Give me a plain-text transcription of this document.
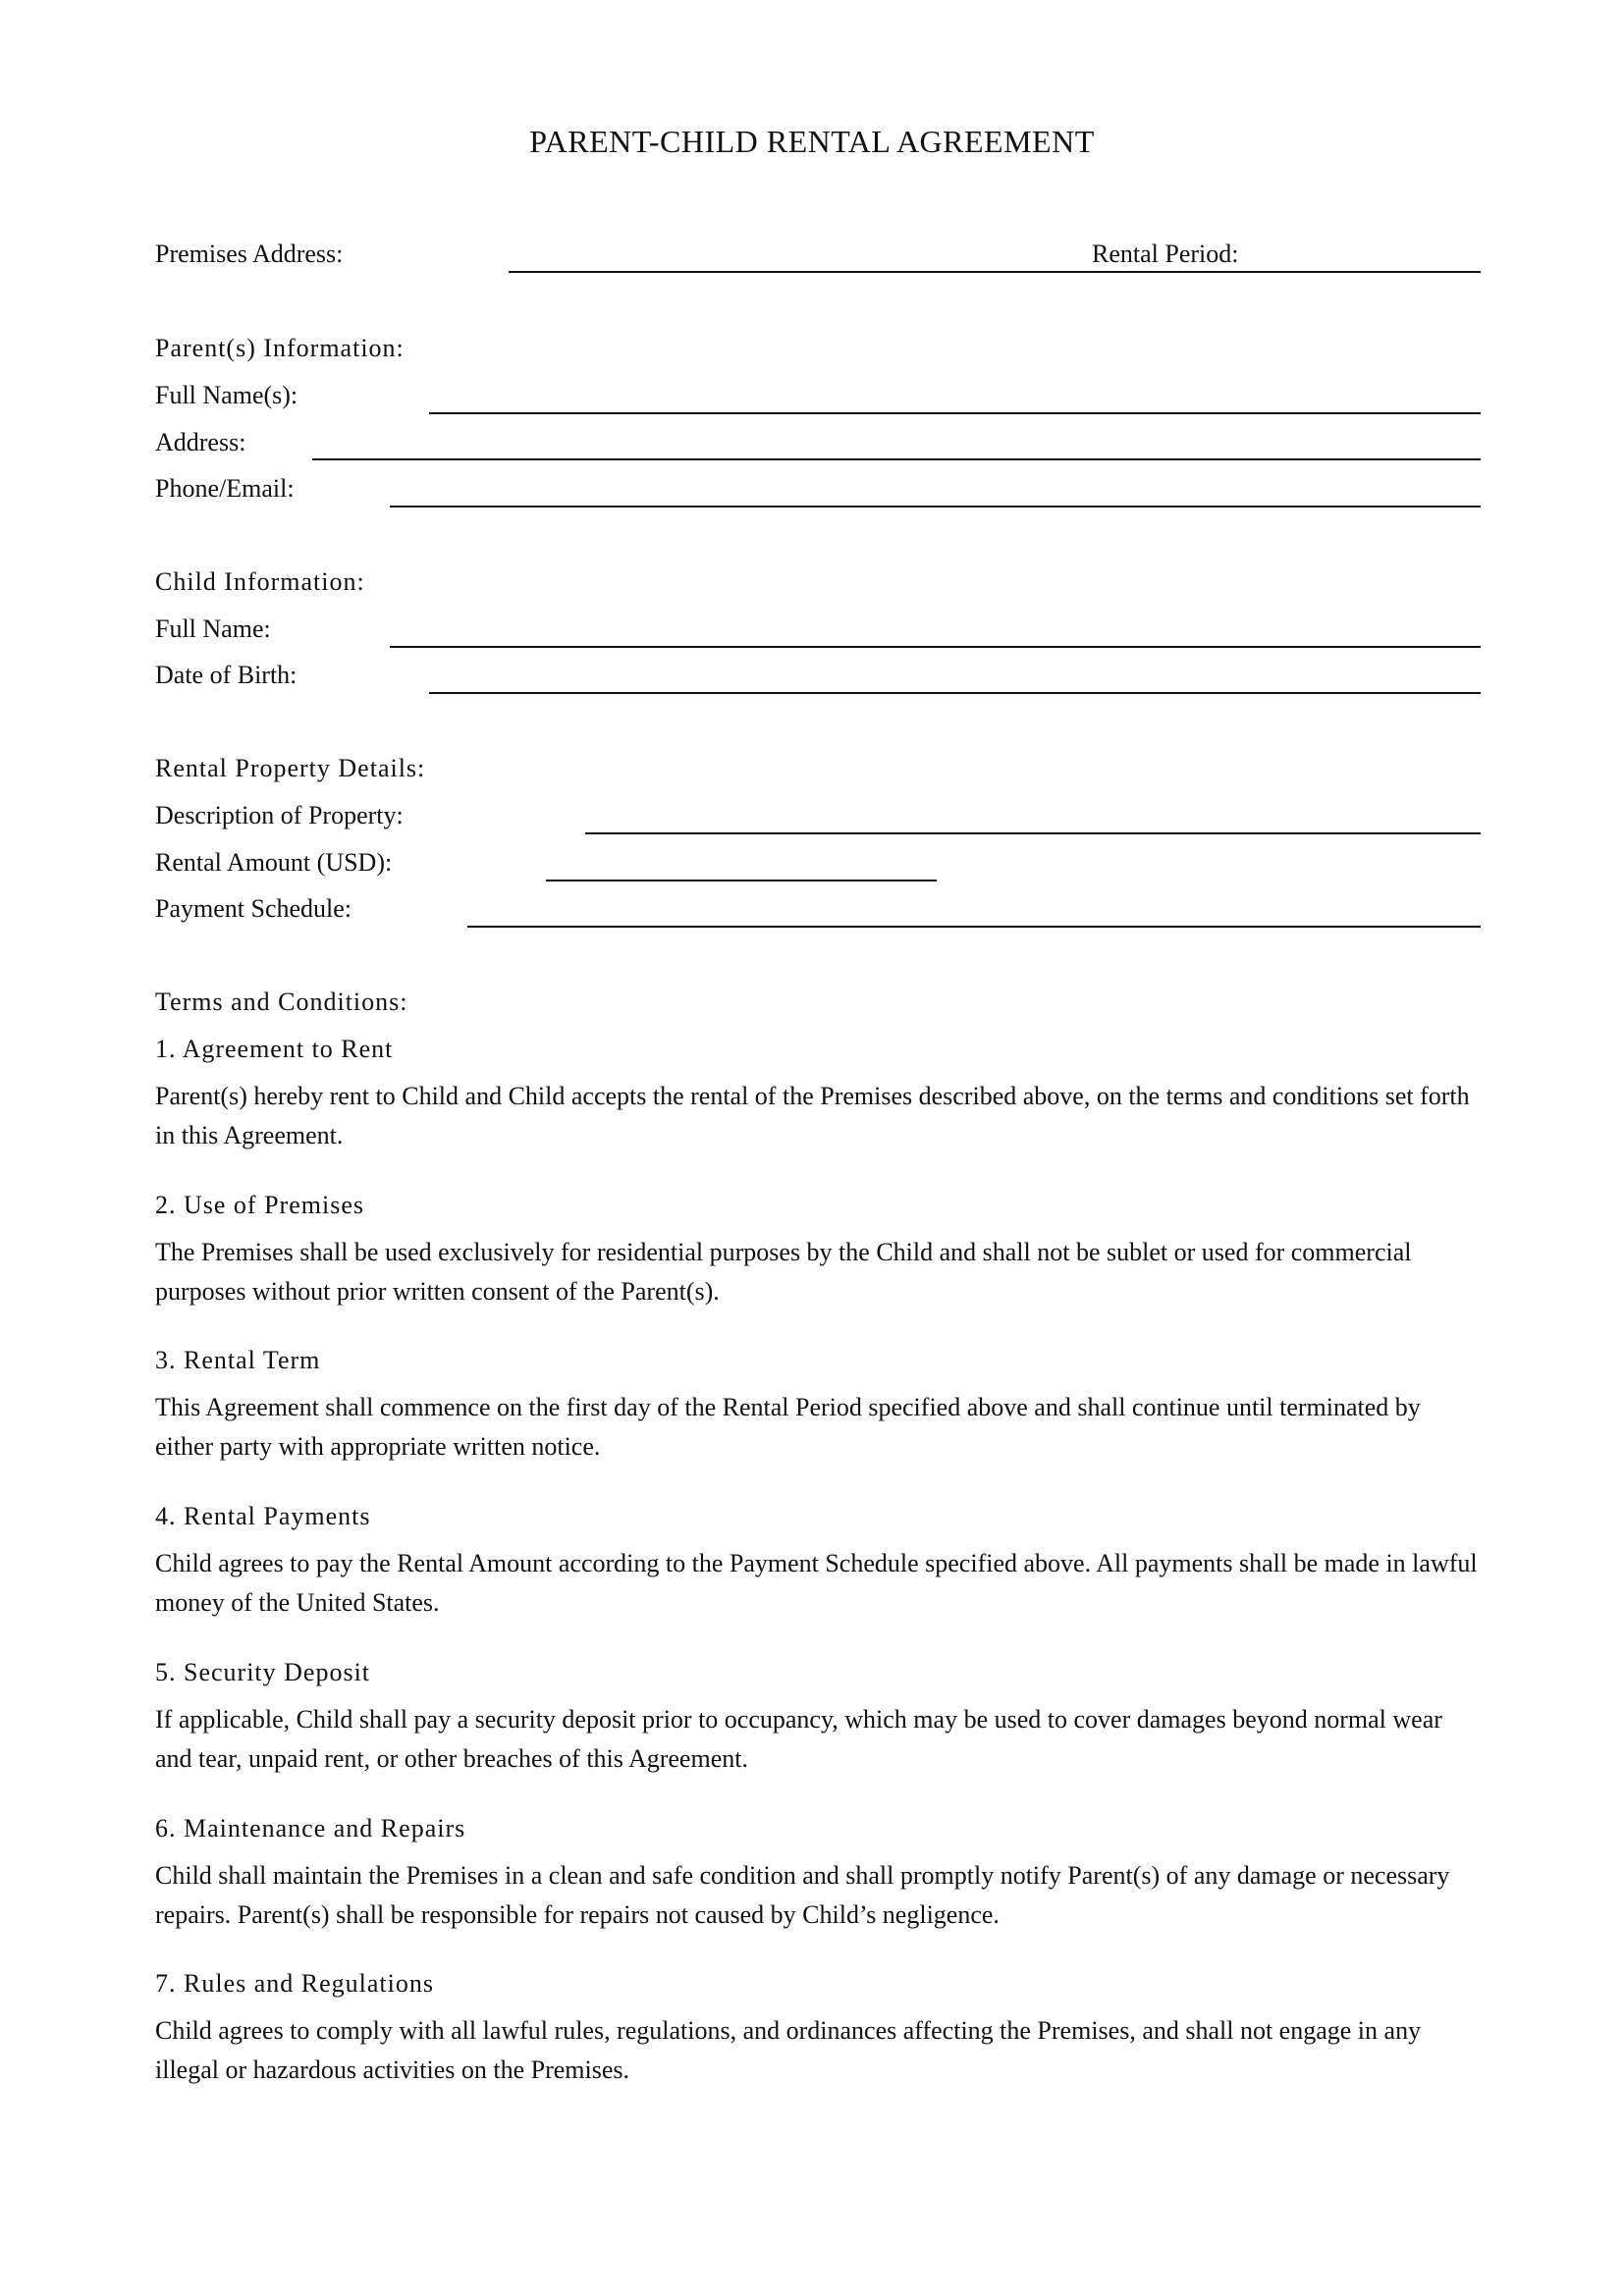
PARENT-CHILD RENTAL AGREEMENT
Premises Address:	Rental Period:
Parent(s) Information:
Full Name(s):
Address:
Phone/Email:
Child Information:
Full Name:
Date of Birth:
Rental Property Details:
Description of Property:
Rental Amount (USD):
Payment Schedule:
Terms and Conditions:
1. Agreement to Rent
Parent(s) hereby rent to Child and Child accepts the rental of the Premises described above, on the terms and conditions set forth in this Agreement.
2. Use of Premises
The Premises shall be used exclusively for residential purposes by the Child and shall not be sublet or used for commercial purposes without prior written consent of the Parent(s).
3. Rental Term
This Agreement shall commence on the first day of the Rental Period specified above and shall continue until terminated by either party with appropriate written notice.
4. Rental Payments
Child agrees to pay the Rental Amount according to the Payment Schedule specified above. All payments shall be made in lawful money of the United States.
5. Security Deposit
If applicable, Child shall pay a security deposit prior to occupancy, which may be used to cover damages beyond normal wear and tear, unpaid rent, or other breaches of this Agreement.
6. Maintenance and Repairs
Child shall maintain the Premises in a clean and safe condition and shall promptly notify Parent(s) of any damage or necessary repairs. Parent(s) shall be responsible for repairs not caused by Child’s negligence.
7. Rules and Regulations
Child agrees to comply with all lawful rules, regulations, and ordinances affecting the Premises, and shall not engage in any illegal or hazardous activities on the Premises.
